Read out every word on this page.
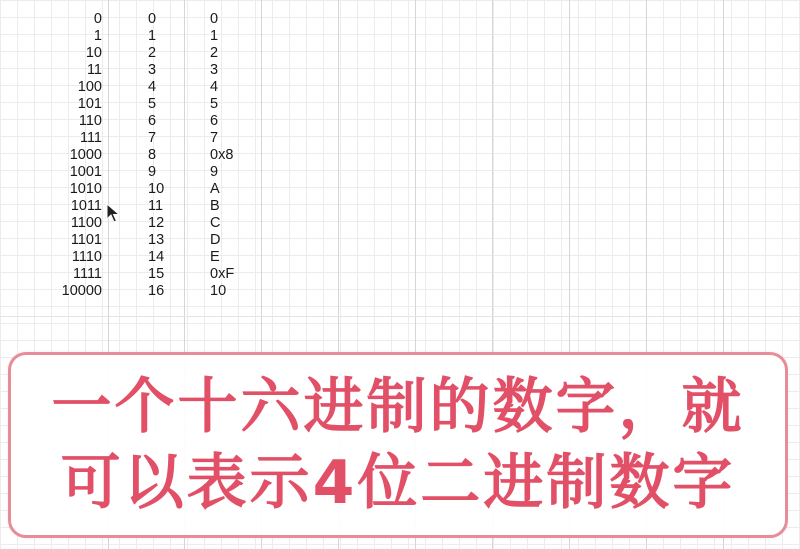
0
1
10
11
100
101
110
111
1000
1001
1010
1011
1100
1101
1110
1111
10000
0
1
2
3
4
5
6
7
8
9
10
11
12
13
14
15
16
0
1
2
3
4
5
6
7
0x8
9
A
B
C
D
E
0xF
10
一个十六进制的数字，就
可以表示4位二进制数字
